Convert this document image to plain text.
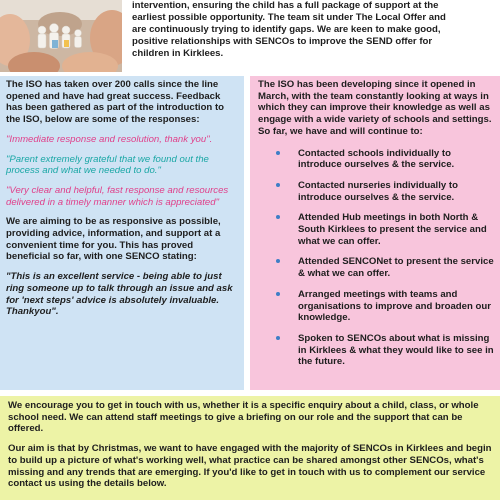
intervention, ensuring the child has a full package of support at the

earliest possible opportunity. The team sit under The Local Offer and

are continuously trying to identify gaps. We are keen to make good,

positive relationships with SENCOs to improve the SEND offer for

children in Kirklees.

The ISO has taken over 200 calls since the line opened and have had great success. Feedback has been gathered as part of the introduction to the ISO, below are some of the responses:

"Immediate response and resolution, thank you".

"Parent extremely grateful that we found out the process and what we needed to do."

"Very clear and helpful, fast response and resources delivered in a timely manner which is appreciated"

We are aiming to be as responsive as possible, providing advice, information, and support at a convenient time for you. This has proved beneficial so far, with one SENCO stating:

"This is an excellent service - being able to just ring someone up to talk through an issue and ask for 'next steps' advice is absolutely invaluable. Thankyou".

The ISO has been developing since it opened in March, with the team constantly looking at ways in which they can improve their knowledge as well as engage with a wide variety of schools and settings. So far, we have and will continue to:

Contacted schools individually to introduce ourselves & the service.
Contacted nurseries individually to introduce ourselves & the service.
Attended Hub meetings in both North & South Kirklees to present the service and what we can offer.
Attended SENCONet to present the service & what we can offer.
Arranged meetings with teams and organisations to improve and broaden our knowledge.
Spoken to SENCOs about what is missing in Kirklees & what they would like to see in the future.

We encourage you to get in touch with us, whether it is a specific enquiry about a child, class, or whole school need. We can attend staff meetings to give a briefing on our role and the support that can be offered.

Our aim is that by Christmas, we want to have engaged with the majority of SENCOs in Kirklees and begin to build up a picture of what's working well, what practice can be shared amongst other SENCOs, what's missing and any trends that are emerging. If you'd like to get in touch with us to complement our service contact us using the details below.
